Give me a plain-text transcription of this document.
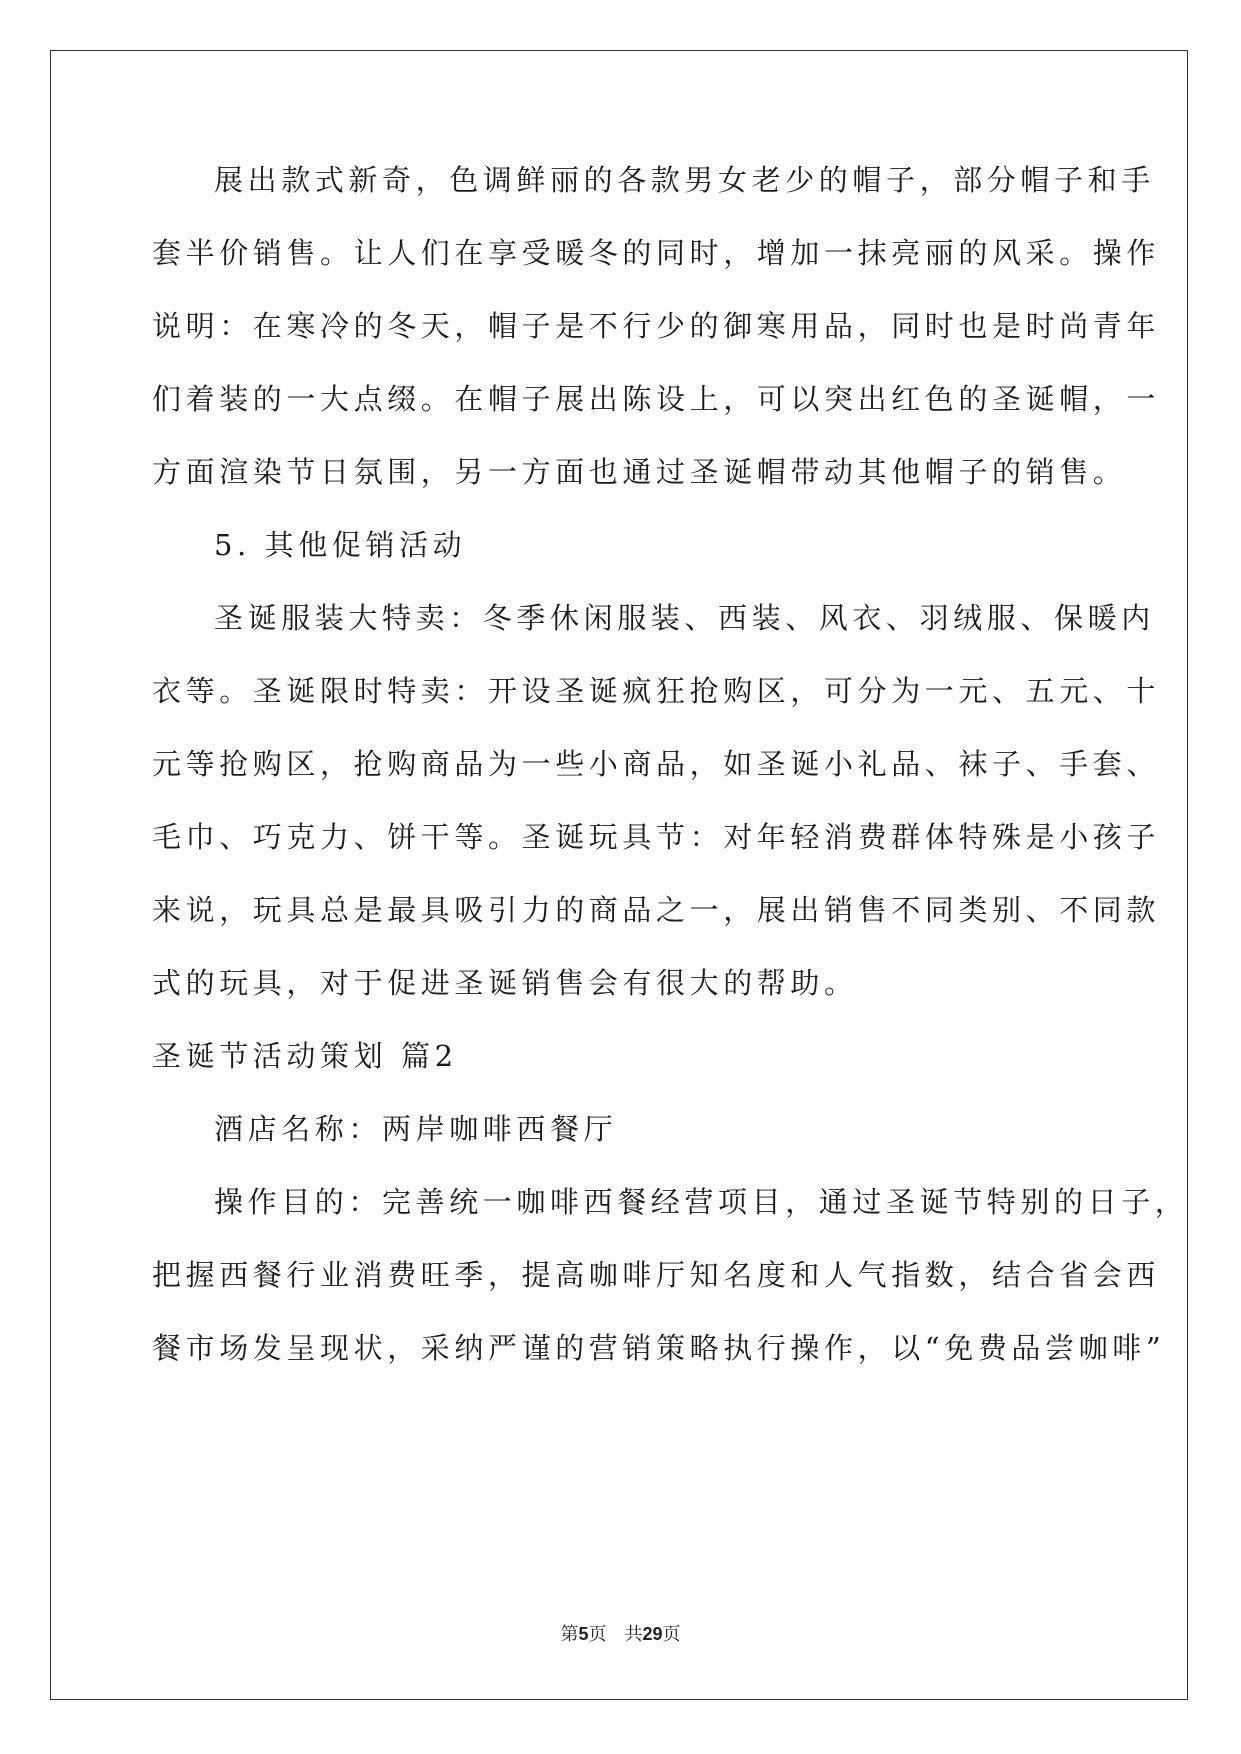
展出款式新奇，色调鲜丽的各款男女老少的帽子，部分帽子和手
套半价销售。让人们在享受暖冬的同时，增加一抹亮丽的风采。操作
说明：在寒冷的冬天，帽子是不行少的御寒用品，同时也是时尚青年
们着装的一大点缀。在帽子展出陈设上，可以突出红色的圣诞帽，一
方面渲染节日氛围，另一方面也通过圣诞帽带动其他帽子的销售。
5. 其他促销活动
圣诞服装大特卖：冬季休闲服装、西装、风衣、羽绒服、保暖内
衣等。圣诞限时特卖：开设圣诞疯狂抢购区，可分为一元、五元、十
元等抢购区，抢购商品为一些小商品，如圣诞小礼品、袜子、手套、
毛巾、巧克力、饼干等。圣诞玩具节：对年轻消费群体特殊是小孩子
来说，玩具总是最具吸引力的商品之一，展出销售不同类别、不同款
式的玩具，对于促进圣诞销售会有很大的帮助。
圣诞节活动策划 篇2
酒店名称：两岸咖啡西餐厅
操作目的：完善统一咖啡西餐经营项目，通过圣诞节特别的日子，
把握西餐行业消费旺季，提高咖啡厅知名度和人气指数，结合省会西
餐市场发呈现状，采纳严谨的营销策略执行操作，以“免费品尝咖啡”
第5页　共29页
